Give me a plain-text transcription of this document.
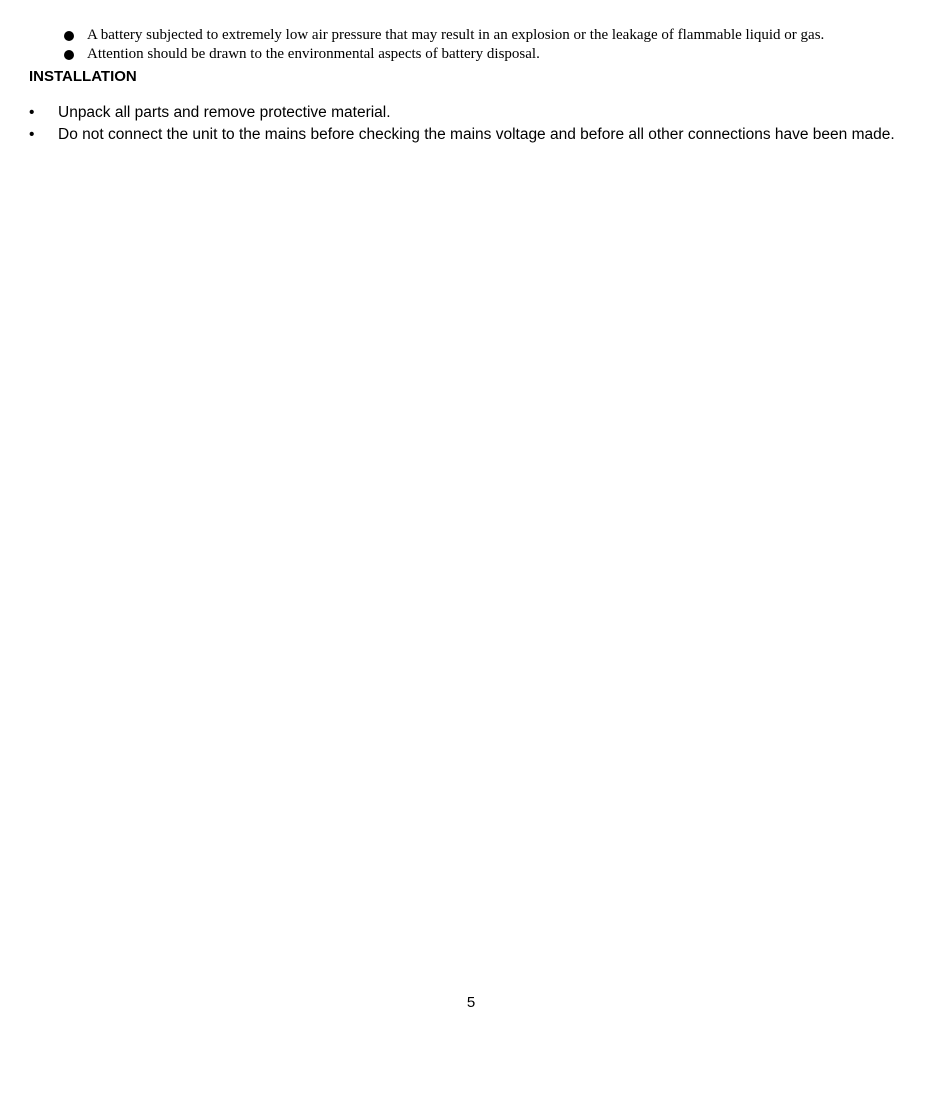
A battery subjected to extremely low air pressure that may result in an explosion or the leakage of flammable liquid or gas.
Attention should be drawn to the environmental aspects of battery disposal.
INSTALLATION
• Unpack all parts and remove protective material.
• Do not connect the unit to the mains before checking the mains voltage and before all other connections have been made.
5
